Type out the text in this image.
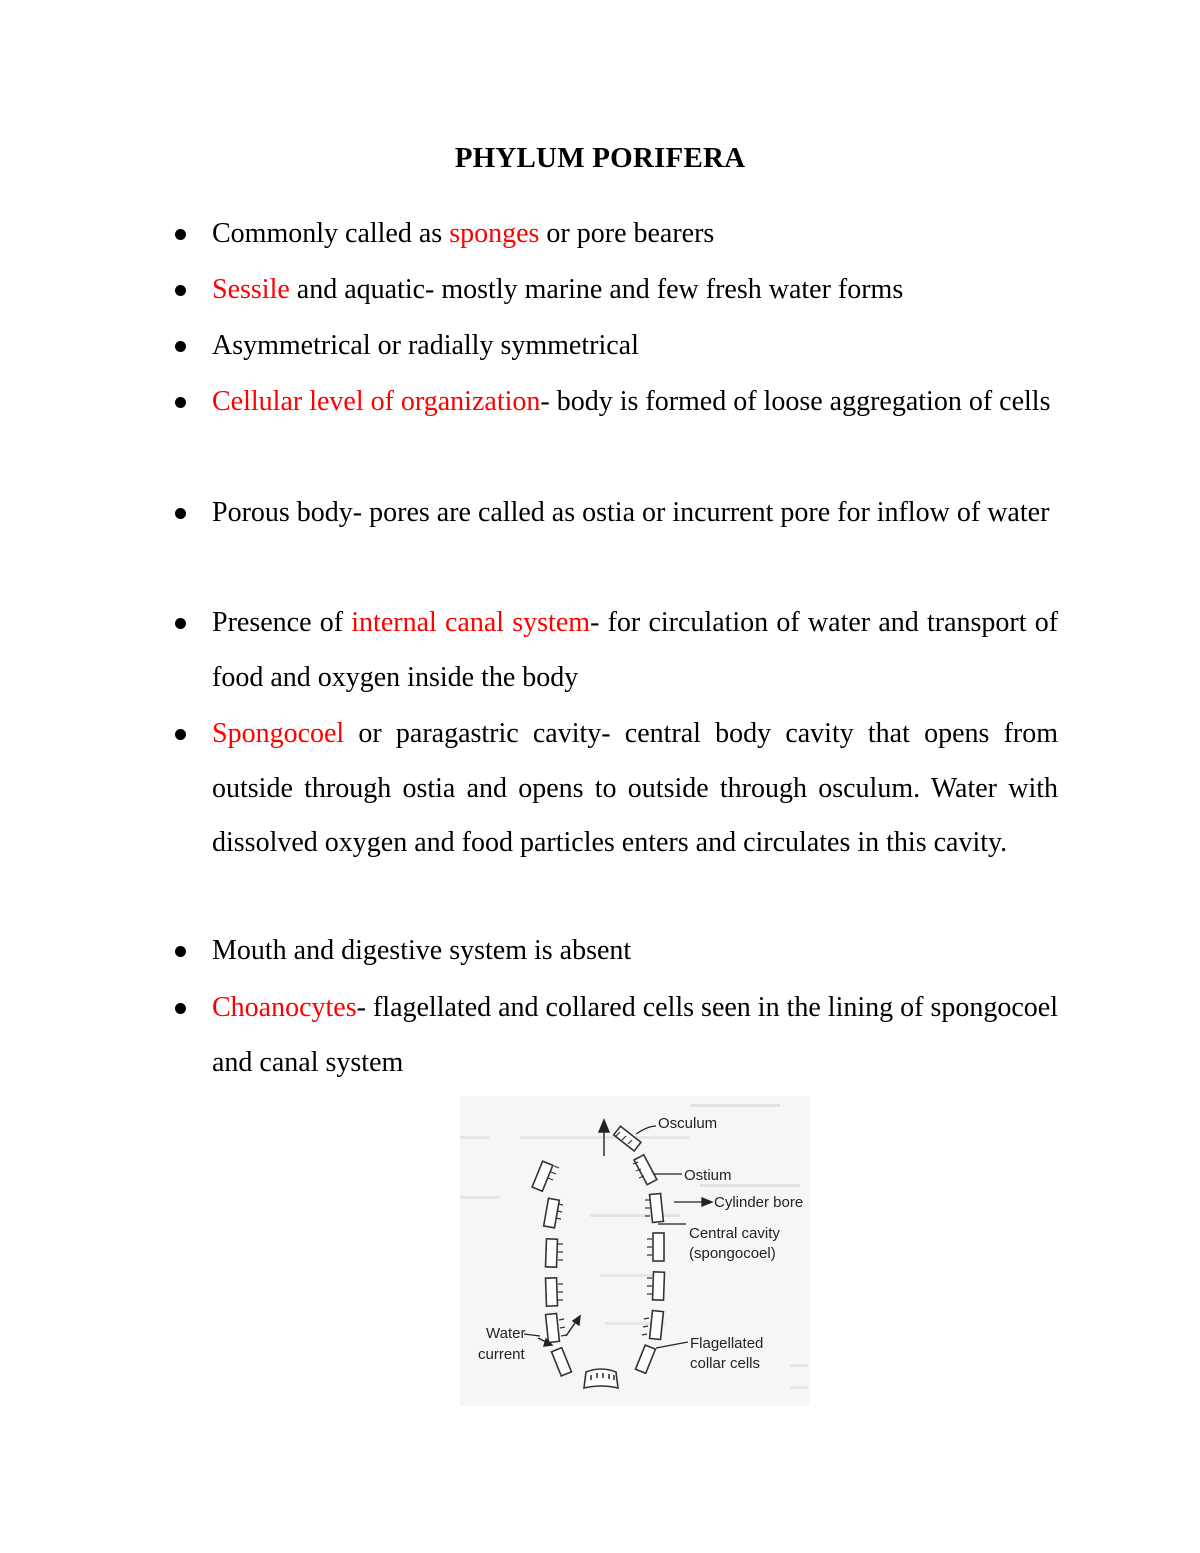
PHYLUM PORIFERA
Commonly called as sponges or pore bearers
Sessile and aquatic- mostly marine and few fresh water forms
Asymmetrical or radially symmetrical
Cellular level of organization- body is formed of loose aggregation of cells
Porous body- pores are called as ostia or incurrent pore for inflow of water
Presence of internal canal system- for circulation of water and transport of food and oxygen inside the body
Spongocoel or paragastric cavity- central body cavity that opens from outside through ostia and opens to outside through osculum. Water with dissolved oxygen and food particles enters and circulates in this cavity.
Mouth and digestive system is absent
Choanocytes- flagellated and collared cells seen in the lining of spongocoel and canal system
Osculum
Ostium
Cylinder bore
Central cavity
(spongocoel)
Water
current
Flagellated
collar cells
